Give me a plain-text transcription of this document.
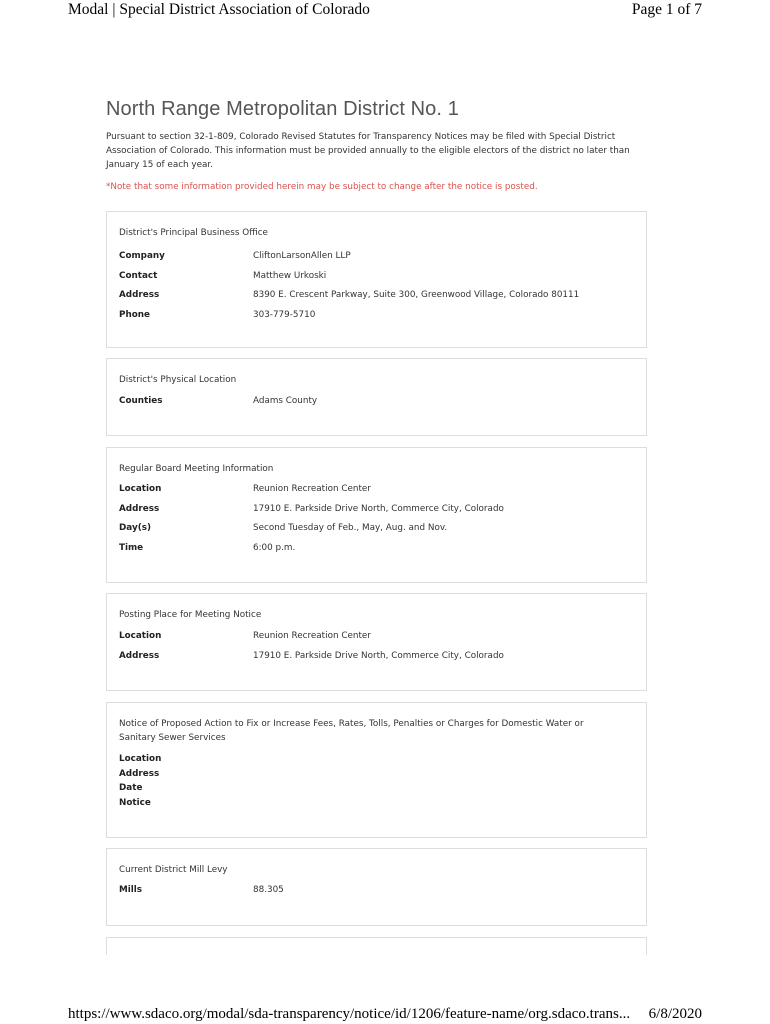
Modal | Special District Association of Colorado	Page 1 of 7
North Range Metropolitan District No. 1

Pursuant to section 32-1-809, Colorado Revised Statutes for Transparency Notices may be filed with Special District Association of Colorado. This information must be provided annually to the eligible electors of the district no later than January 15 of each year.

*Note that some information provided herein may be subject to change after the notice is posted.
District's Principal Business Office
Company	CliftonLarsonAllen LLP
Contact	Matthew Urkoski
Address	8390 E. Crescent Parkway, Suite 300, Greenwood Village, Colorado 80111
Phone	303-779-5710
District's Physical Location
Counties	Adams County
Regular Board Meeting Information
Location	Reunion Recreation Center
Address	17910 E. Parkside Drive North, Commerce City, Colorado
Day(s)	Second Tuesday of Feb., May, Aug. and Nov.
Time	6:00 p.m.
Posting Place for Meeting Notice
Location	Reunion Recreation Center
Address	17910 E. Parkside Drive North, Commerce City, Colorado
Notice of Proposed Action to Fix or Increase Fees, Rates, Tolls, Penalties or Charges for Domestic Water or Sanitary Sewer Services
Location
Address
Date
Notice
Current District Mill Levy
Mills	88.305
https://www.sdaco.org/modal/sda-transparency/notice/id/1206/feature-name/org.sdaco.trans... 6/8/2020
